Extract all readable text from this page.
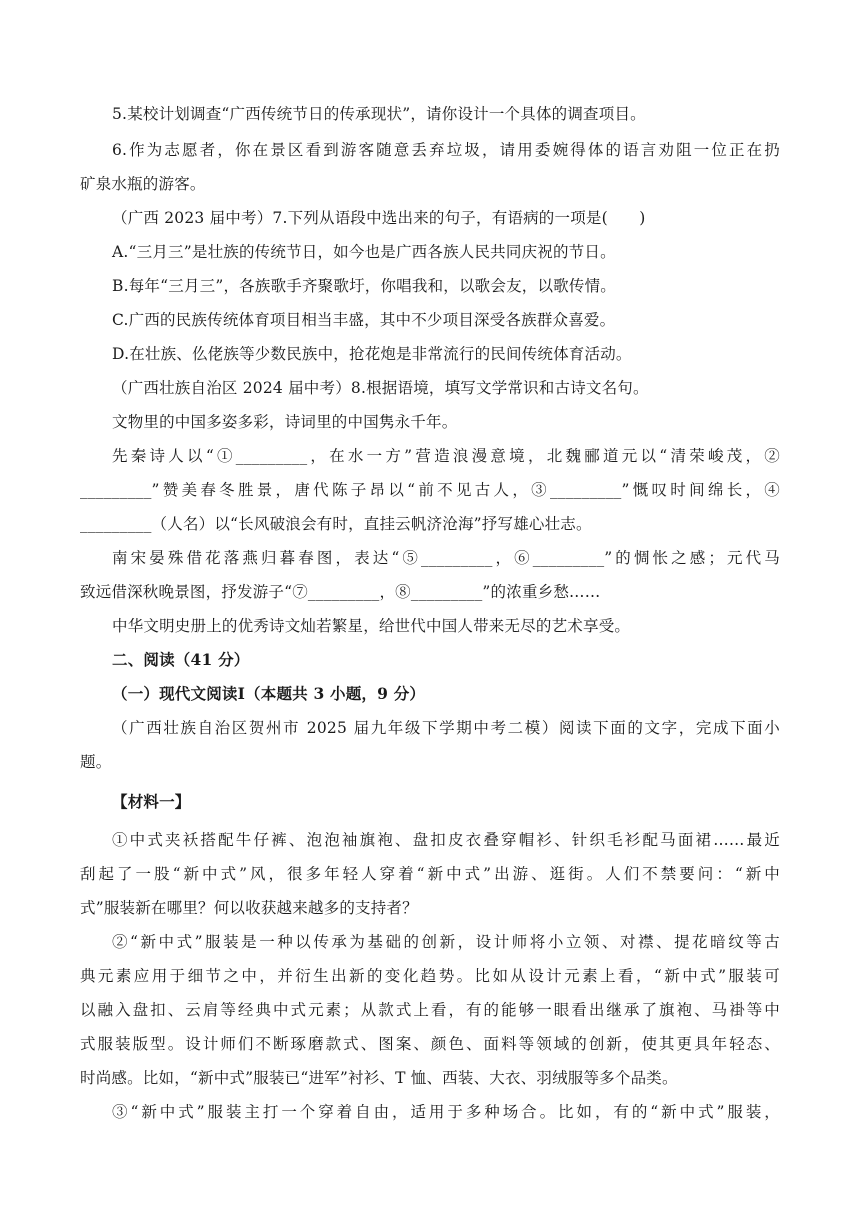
5.某校计划调查“广西传统节日的传承现状”，请你设计一个具体的调查项目。
6.作为志愿者，你在景区看到游客随意丢弃垃圾，请用委婉得体的语言劝阻一位正在扔
矿泉水瓶的游客。
（广西 2023 届中考）7.下列从语段中选出来的句子，有语病的一项是(　　)
A.“三月三”是壮族的传统节日，如今也是广西各族人民共同庆祝的节日。
B.每年“三月三”，各族歌手齐聚歌圩，你唱我和，以歌会友，以歌传情。
C.广西的民族传统体育项目相当丰盛，其中不少项目深受各族群众喜爱。
D.在壮族、仫佬族等少数民族中，抢花炮是非常流行的民间传统体育活动。
（广西壮族自治区 2024 届中考）8.根据语境，填写文学常识和古诗文名句。
文物里的中国多姿多彩，诗词里的中国隽永千年。
先秦诗人以“①_________，在水一方”营造浪漫意境，北魏郦道元以“清荣峻茂，②
_________”赞美春冬胜景，唐代陈子昂以“前不见古人，③_________”慨叹时间绵长，④
_________（人名）以“长风破浪会有时，直挂云帆济沧海”抒写雄心壮志。
南宋晏殊借花落燕归暮春图，表达“⑤_________，⑥_________”的惆怅之感；元代马
致远借深秋晚景图，抒发游子“⑦_________，⑧_________”的浓重乡愁……
中华文明史册上的优秀诗文灿若繁星，给世代中国人带来无尽的艺术享受。
二、阅读（41 分）
（一）现代文阅读Ⅰ（本题共 3 小题，9 分）
（广西壮族自治区贺州市 2025 届九年级下学期中考二模）阅读下面的文字，完成下面小
题。
【材料一】
①中式夹袄搭配牛仔裤、泡泡袖旗袍、盘扣皮衣叠穿帽衫、针织毛衫配马面裙……最近
刮起了一股“新中式”风，很多年轻人穿着“新中式”出游、逛街。人们不禁要问：“新中
式”服装新在哪里？何以收获越来越多的支持者？
②“新中式”服装是一种以传承为基础的创新，设计师将小立领、对襟、提花暗纹等古
典元素应用于细节之中，并衍生出新的变化趋势。比如从设计元素上看，“新中式”服装可
以融入盘扣、云肩等经典中式元素；从款式上看，有的能够一眼看出继承了旗袍、马褂等中
式服装版型。设计师们不断琢磨款式、图案、颜色、面料等领域的创新，使其更具年轻态、
时尚感。比如，“新中式”服装已“进军”衬衫、T 恤、西装、大衣、羽绒服等多个品类。
③“新中式”服装主打一个穿着自由，适用于多种场合。比如，有的“新中式”服装，
